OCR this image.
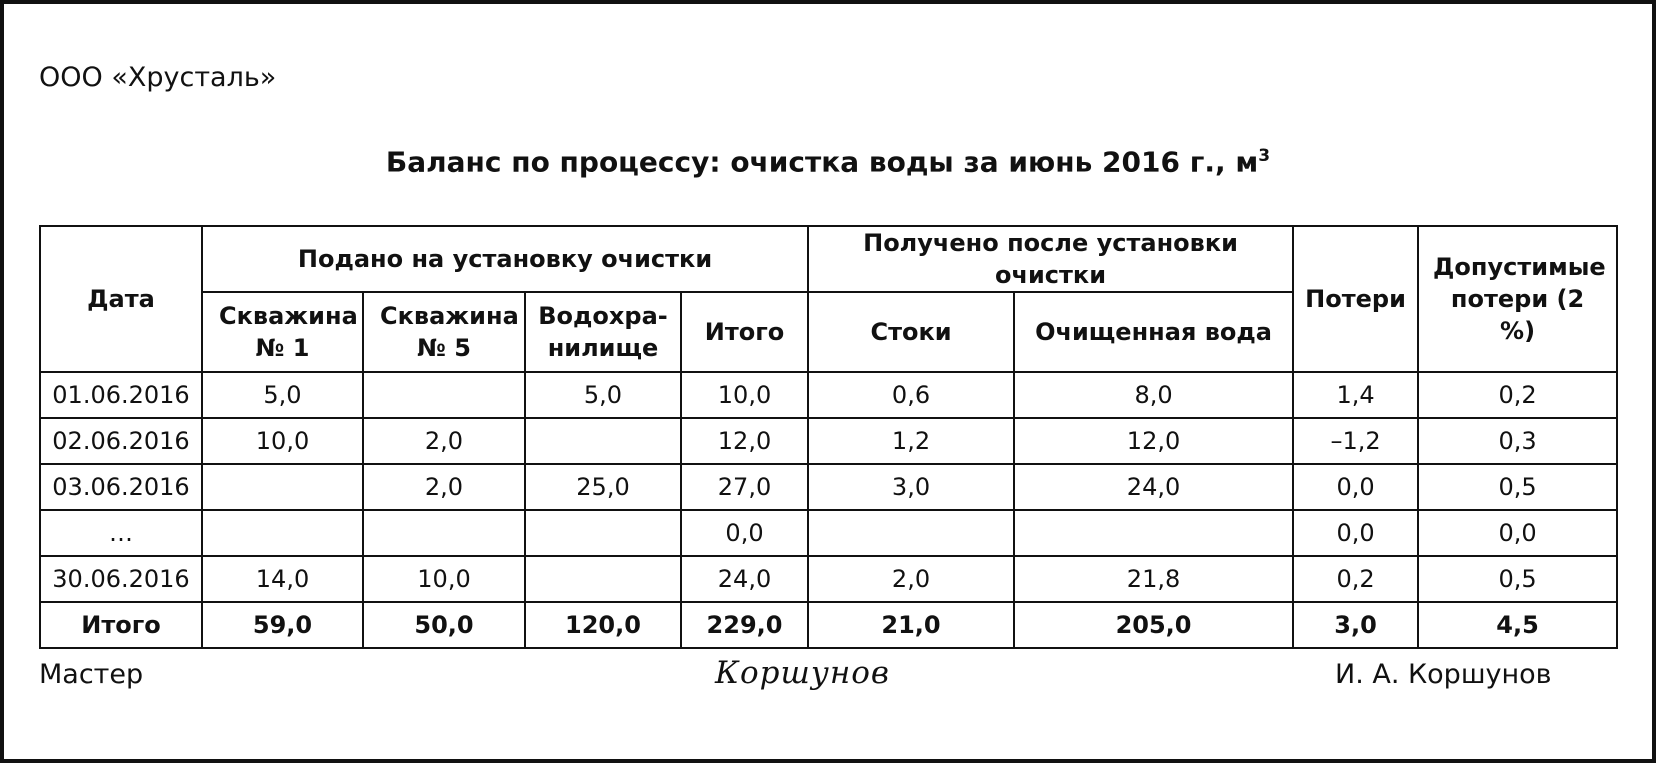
ООО «Хрусталь»
Баланс по процессу: очистка воды за июнь 2016 г., $м^3$
Дата	Подано на установку очистки				Получено после установки очистки		Потери	Допустимые потери (2 %)
	Скважина № 1	Скважина № 5	Водохра-нилище	Итого	Стоки	Очищенная вода		
01.06.2016	5,0		5,0	10,0	0,6	8,0	1,4	0,2
02.06.2016	10,0	2,0		12,0	1,2	12,0	–1,2	0,3
03.06.2016		2,0	25,0	27,0	3,0	24,0	0,0	0,5
…				0,0			0,0	0,0
30.06.2016	14,0	10,0		24,0	2,0	21,8	0,2	0,5
Итого	59,0	50,0	120,0	229,0	21,0	205,0	3,0	4,5
Мастер	Коршунов	И. А. Коршунов
